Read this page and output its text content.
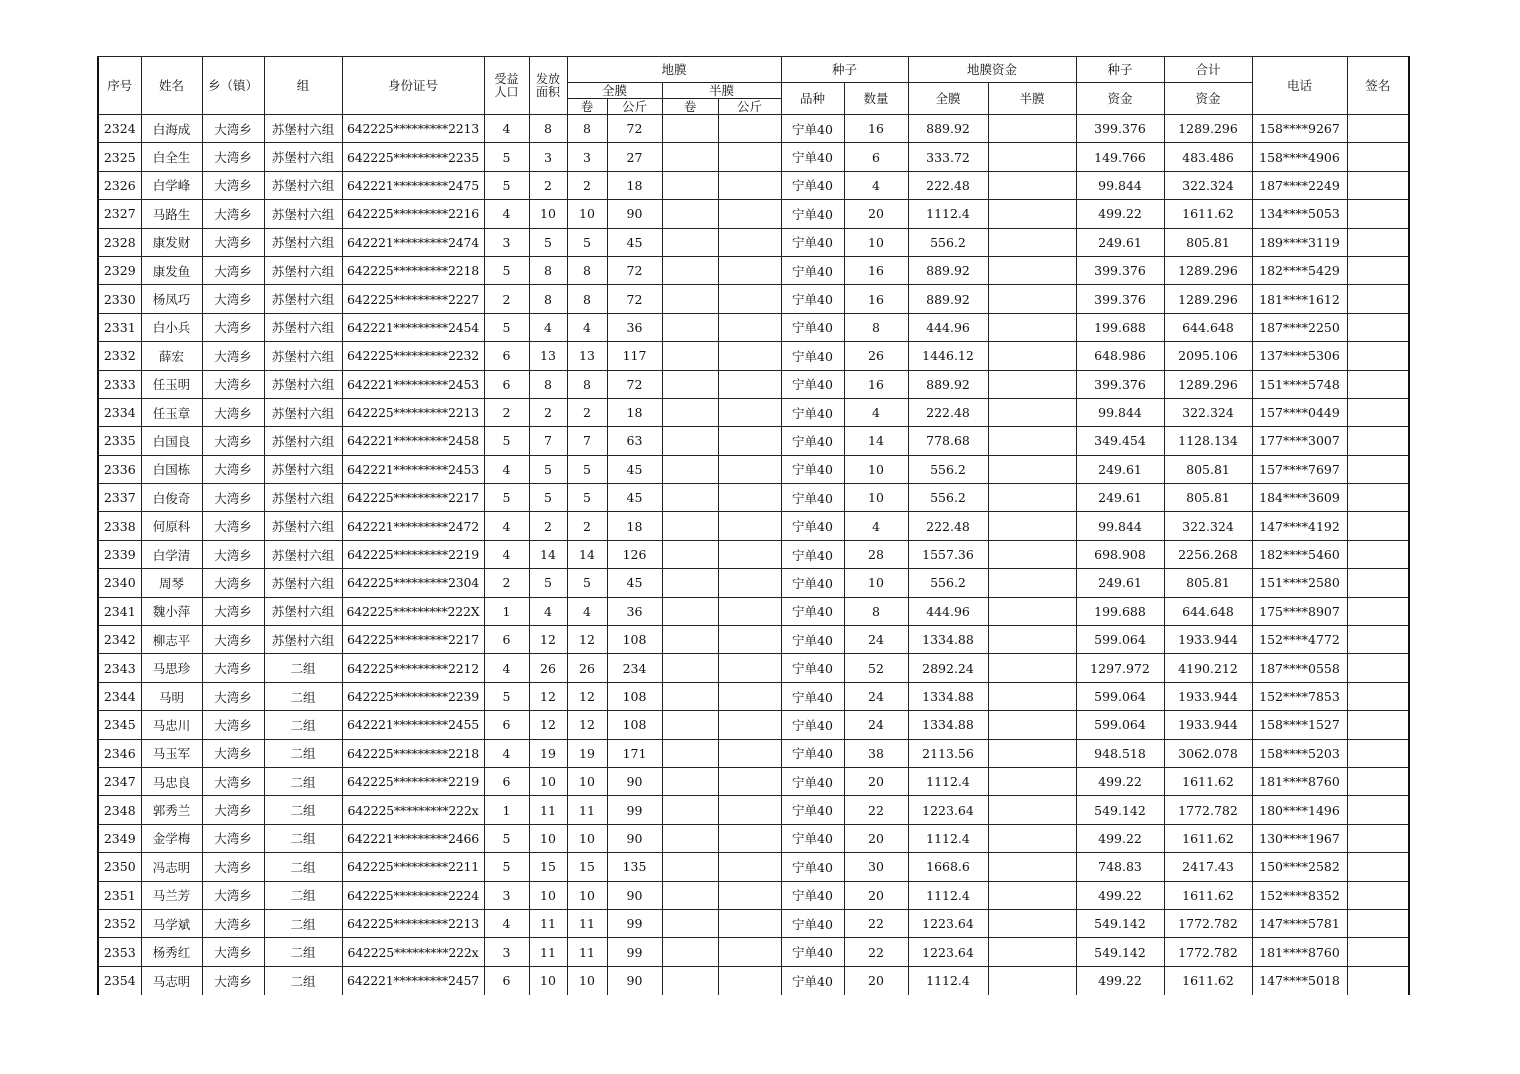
序号	姓名	乡（镇）	组	身份证号	受益人口	发放面积	地膜				种子		地膜资金		种子	合计	电话	签名
							全膜		半膜		品种	数量	全膜	半膜	资金	资金		
							卷	公斤	卷	公斤								
2324	白海成	大湾乡	苏堡村六组	642225*********2213	4	8	8	72			宁单40	16	889.92		399.376	1289.296	158****9267	
2325	白全生	大湾乡	苏堡村六组	642225*********2235	5	3	3	27			宁单40	6	333.72		149.766	483.486	158****4906	
2326	白学峰	大湾乡	苏堡村六组	642221*********2475	5	2	2	18			宁单40	4	222.48		99.844	322.324	187****2249	
2327	马路生	大湾乡	苏堡村六组	642225*********2216	4	10	10	90			宁单40	20	1112.4		499.22	1611.62	134****5053	
2328	康发财	大湾乡	苏堡村六组	642221*********2474	3	5	5	45			宁单40	10	556.2		249.61	805.81	189****3119	
2329	康发鱼	大湾乡	苏堡村六组	642225*********2218	5	8	8	72			宁单40	16	889.92		399.376	1289.296	182****5429	
2330	杨凤巧	大湾乡	苏堡村六组	642225*********2227	2	8	8	72			宁单40	16	889.92		399.376	1289.296	181****1612	
2331	白小兵	大湾乡	苏堡村六组	642221*********2454	5	4	4	36			宁单40	8	444.96		199.688	644.648	187****2250	
2332	薛宏	大湾乡	苏堡村六组	642225*********2232	6	13	13	117			宁单40	26	1446.12		648.986	2095.106	137****5306	
2333	任玉明	大湾乡	苏堡村六组	642221*********2453	6	8	8	72			宁单40	16	889.92		399.376	1289.296	151****5748	
2334	任玉章	大湾乡	苏堡村六组	642225*********2213	2	2	2	18			宁单40	4	222.48		99.844	322.324	157****0449	
2335	白国良	大湾乡	苏堡村六组	642221*********2458	5	7	7	63			宁单40	14	778.68		349.454	1128.134	177****3007	
2336	白国栋	大湾乡	苏堡村六组	642221*********2453	4	5	5	45			宁单40	10	556.2		249.61	805.81	157****7697	
2337	白俊奇	大湾乡	苏堡村六组	642225*********2217	5	5	5	45			宁单40	10	556.2		249.61	805.81	184****3609	
2338	何原科	大湾乡	苏堡村六组	642221*********2472	4	2	2	18			宁单40	4	222.48		99.844	322.324	147****4192	
2339	白学清	大湾乡	苏堡村六组	642225*********2219	4	14	14	126			宁单40	28	1557.36		698.908	2256.268	182****5460	
2340	周琴	大湾乡	苏堡村六组	642225*********2304	2	5	5	45			宁单40	10	556.2		249.61	805.81	151****2580	
2341	魏小萍	大湾乡	苏堡村六组	642225*********222X	1	4	4	36			宁单40	8	444.96		199.688	644.648	175****8907	
2342	柳志平	大湾乡	苏堡村六组	642225*********2217	6	12	12	108			宁单40	24	1334.88		599.064	1933.944	152****4772	
2343	马思珍	大湾乡	二组	642225*********2212	4	26	26	234			宁单40	52	2892.24		1297.972	4190.212	187****0558	
2344	马明	大湾乡	二组	642225*********2239	5	12	12	108			宁单40	24	1334.88		599.064	1933.944	152****7853	
2345	马忠川	大湾乡	二组	642221*********2455	6	12	12	108			宁单40	24	1334.88		599.064	1933.944	158****1527	
2346	马玉军	大湾乡	二组	642225*********2218	4	19	19	171			宁单40	38	2113.56		948.518	3062.078	158****5203	
2347	马忠良	大湾乡	二组	642225*********2219	6	10	10	90			宁单40	20	1112.4		499.22	1611.62	181****8760	
2348	郭秀兰	大湾乡	二组	642225*********222x	1	11	11	99			宁单40	22	1223.64		549.142	1772.782	180****1496	
2349	金学梅	大湾乡	二组	642221*********2466	5	10	10	90			宁单40	20	1112.4		499.22	1611.62	130****1967	
2350	冯志明	大湾乡	二组	642225*********2211	5	15	15	135			宁单40	30	1668.6		748.83	2417.43	150****2582	
2351	马兰芳	大湾乡	二组	642225*********2224	3	10	10	90			宁单40	20	1112.4		499.22	1611.62	152****8352	
2352	马学斌	大湾乡	二组	642225*********2213	4	11	11	99			宁单40	22	1223.64		549.142	1772.782	147****5781	
2353	杨秀红	大湾乡	二组	642225*********222x	3	11	11	99			宁单40	22	1223.64		549.142	1772.782	181****8760	
2354	马志明	大湾乡	二组	642221*********2457	6	10	10	90			宁单40	20	1112.4		499.22	1611.62	147****5018	
